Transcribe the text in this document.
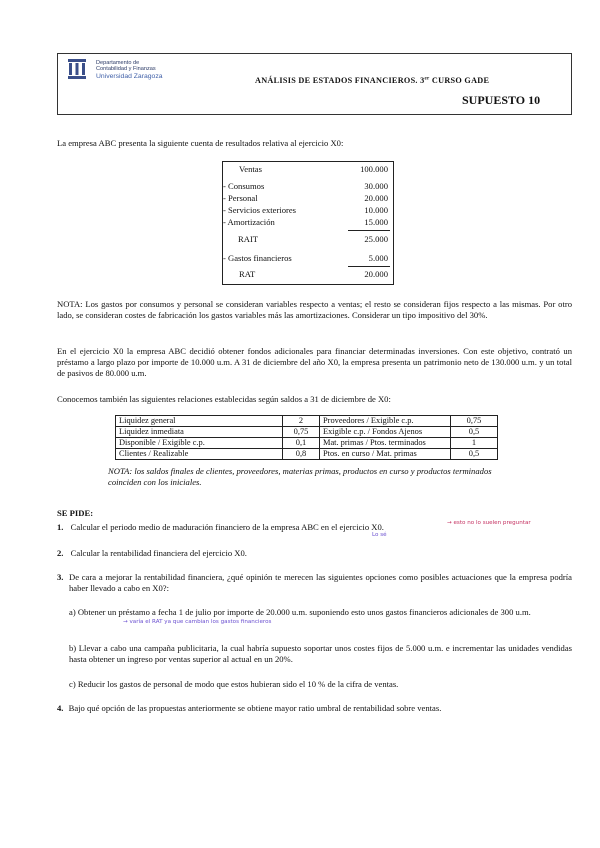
Departamento de
Contabilidad y Finanzas
Universidad Zaragoza	ANÁLISIS DE ESTADOS FINANCIEROS. 3er CURSO GADE
SUPUESTO 10

La empresa ABC presenta la siguiente cuenta de resultados relativa al ejercicio X0:

Ventas	100.000
- Consumos	30.000
- Personal	20.000
- Servicios exteriores	10.000
- Amortización	15.000
RAIT	25.000
- Gastos financieros	5.000
RAT	20.000

NOTA: Los gastos por consumos y personal se consideran variables respecto a ventas; el resto se consideran fijos respecto a las mismas. Por otro lado, se consideran costes de fabricación los gastos variables más las amortizaciones. Considerar un tipo impositivo del 30%.

En el ejercicio X0 la empresa ABC decidió obtener fondos adicionales para financiar determinadas inversiones. Con este objetivo, contrató un préstamo a largo plazo por importe de 10.000 u.m. A 31 de diciembre del año X0, la empresa presenta un patrimonio neto de 130.000 u.m. y un total de pasivos de 80.000 u.m.

Conocemos también las siguientes relaciones establecidas según saldos a 31 de diciembre de X0:

Liquidez general	2	Proveedores / Exigible c.p.	0,75
Liquidez inmediata	0,75	Exigible c.p. / Fondos Ajenos	0,5
Disponible / Exigible c.p.	0,1	Mat. primas / Ptos. terminados	1
Clientes / Realizable	0,8	Ptos. en curso / Mat. primas	0,5

NOTA: los saldos finales de clientes, proveedores, materias primas, productos en curso y productos terminados coinciden con los iniciales.

SE PIDE:
1. Calcular el periodo medio de maduración financiero de la empresa ABC en el ejercicio X0.	→ esto no lo suelen preguntar
Lo sé
2. Calcular la rentabilidad financiera del ejercicio X0.
3. De cara a mejorar la rentabilidad financiera, ¿qué opinión te merecen las siguientes opciones como posibles actuaciones que la empresa podría haber llevado a cabo en X0?:

a) Obtener un préstamo a fecha 1 de julio por importe de 20.000 u.m. suponiendo esto unos gastos financieros adicionales de 300 u.m.

→ varía el RAT ya que cambian los gastos financieros

b) Llevar a cabo una campaña publicitaria, la cual habría supuesto soportar unos costes fijos de 5.000 u.m. e incrementar las unidades vendidas hasta obtener un ingreso por ventas superior al actual en un 20%.

c) Reducir los gastos de personal de modo que estos hubieran sido el 10 % de la cifra de ventas.

4. Bajo qué opción de las propuestas anteriormente se obtiene mayor ratio umbral de rentabilidad sobre ventas.
